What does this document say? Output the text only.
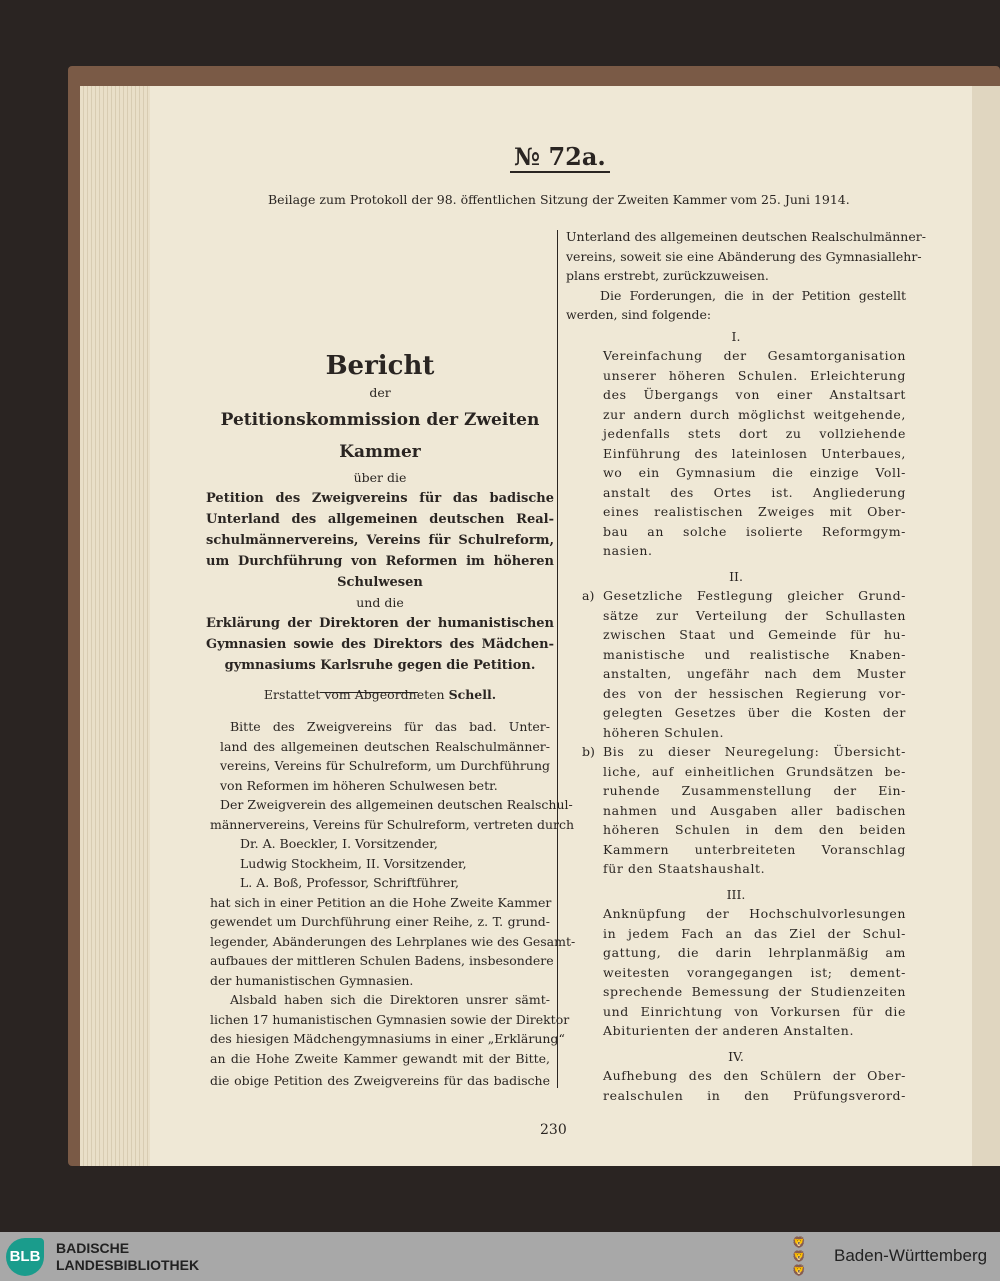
№ 72a.
Beilage zum Protokoll der 98. öffentlichen Sitzung der Zweiten Kammer vom 25. Juni 1914.
Bericht
der
Petitionskommission der Zweiten Kammer
über die
Petition des Zweigvereins für das badische
Unterland des allgemeinen deutschen Real-
schulmännervereins, Vereins für Schulreform,
um Durchführung von Reformen im höheren
Schulwesen
und die
Erklärung der Direktoren der humanistischen
Gymnasien sowie des Direktors des Mädchen-
gymnasiums Karlsruhe gegen die Petition.
Erstattet vom Abgeordneten Schell.
Bitte des Zweigvereins für das bad. Unter-
land des allgemeinen deutschen Realschulmänner-
vereins, Vereins für Schulreform, um Durchführung
von Reformen im höheren Schulwesen betr.
Der Zweigverein des allgemeinen deutschen Realschul-
männervereins, Vereins für Schulreform, vertreten durch
Dr. A. Boeckler, I. Vorsitzender,
Ludwig Stockheim, II. Vorsitzender,
L. A. Boß, Professor, Schriftführer,
hat sich in einer Petition an die Hohe Zweite Kammer
gewendet um Durchführung einer Reihe, z. T. grund-
legender, Abänderungen des Lehrplanes wie des Gesamt-
aufbaues der mittleren Schulen Badens, insbesondere
der humanistischen Gymnasien.
Alsbald haben sich die Direktoren unsrer sämt-
lichen 17 humanistischen Gymnasien sowie der Direktor
des hiesigen Mädchengymnasiums in einer „Erklärung“
an die Hohe Zweite Kammer gewandt mit der Bitte,
die obige Petition des Zweigvereins für das badische
Unterland des allgemeinen deutschen Realschulmänner-
vereins, soweit sie eine Abänderung des Gymnasiallehr-
plans erstrebt, zurückzuweisen.
Die Forderungen, die in der Petition gestellt
werden, sind folgende:
I.
Vereinfachung der Gesamtorganisation
unserer höheren Schulen. Erleichterung
des Übergangs von einer Anstaltsart
zur andern durch möglichst weitgehende,
jedenfalls stets dort zu vollziehende
Einführung des lateinlosen Unterbaues,
wo ein Gymnasium die einzige Voll-
anstalt des Ortes ist. Angliederung
eines realistischen Zweiges mit Ober-
bau an solche isolierte Reformgym-
nasien.
II.
a) Gesetzliche Festlegung gleicher Grund-
sätze zur Verteilung der Schullasten
zwischen Staat und Gemeinde für hu-
manistische und realistische Knaben-
anstalten, ungefähr nach dem Muster
des von der hessischen Regierung vor-
gelegten Gesetzes über die Kosten der
höheren Schulen.
b) Bis zu dieser Neuregelung: Übersicht-
liche, auf einheitlichen Grundsätzen be-
ruhende Zusammenstellung der Ein-
nahmen und Ausgaben aller badischen
höheren Schulen in dem den beiden
Kammern unterbreiteten Voranschlag
für den Staatshaushalt.
III.
Anknüpfung der Hochschulvorlesungen
in jedem Fach an das Ziel der Schul-
gattung, die darin lehrplanmäßig am
weitesten vorangegangen ist; dement-
sprechende Bemessung der Studienzeiten
und Einrichtung von Vorkursen für die
Abiturienten der anderen Anstalten.
IV.
Aufhebung des den Schülern der Ober-
realschulen in den Prüfungsverord-
230
BLB BADISCHE
LANDESBIBLIOTHEK
🦁
🦁
🦁
Baden-Württemberg
